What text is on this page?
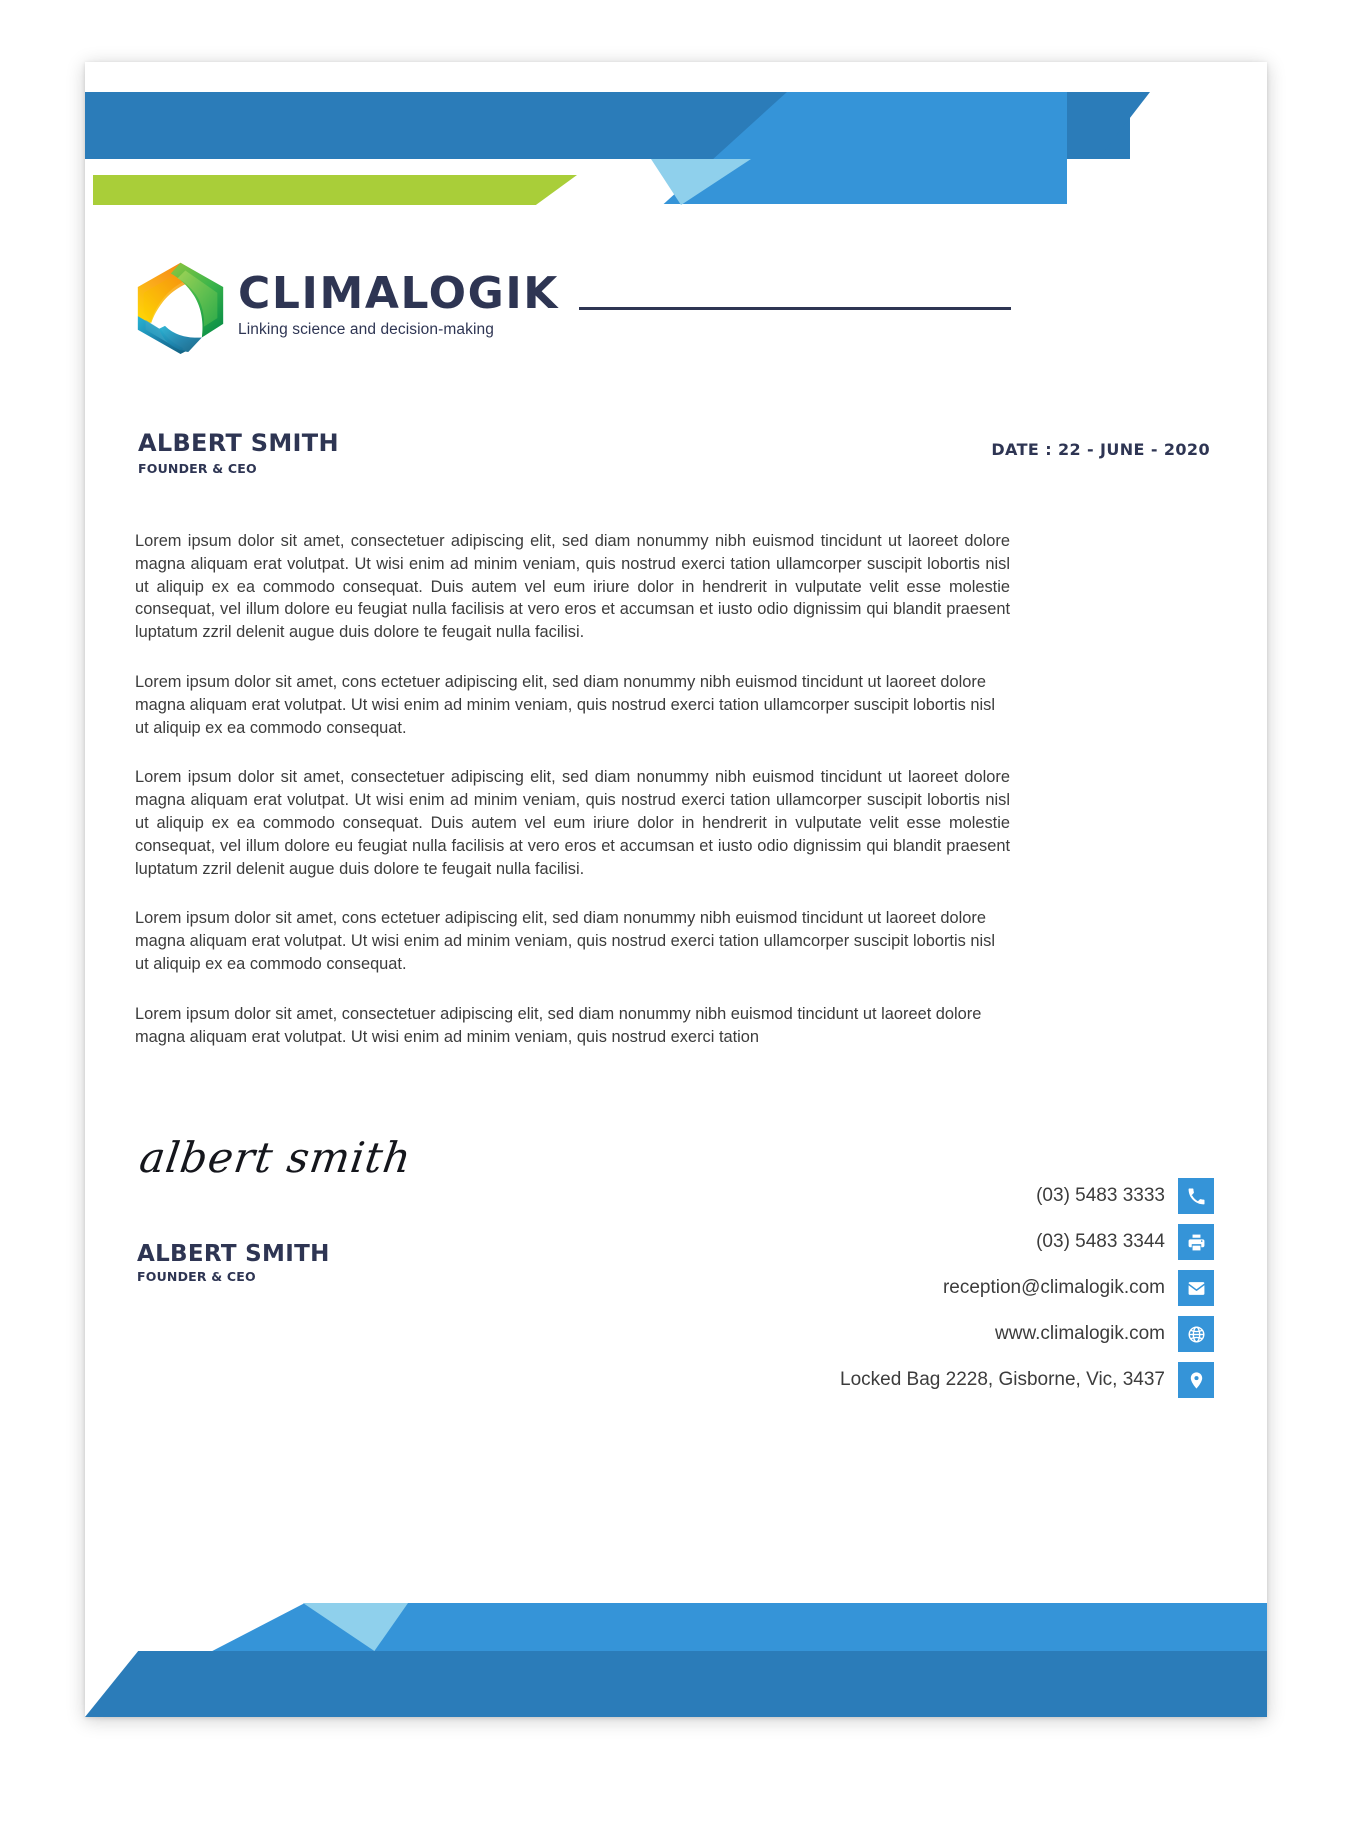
CLIMALOGIK
Linking science and decision-making
ALBERT SMITH
FOUNDER & CEO
DATE : 22 - JUNE - 2020

Lorem ipsum dolor sit amet, consectetuer adipiscing elit, sed diam nonummy nibh euismod tincidunt ut laoreet dolore magna aliquam erat volutpat. Ut wisi enim ad minim veniam, quis nostrud exerci tation ullamcorper suscipit lobortis nisl ut aliquip ex ea commodo consequat. Duis autem vel eum iriure dolor in hendrerit in vulputate velit esse molestie consequat, vel illum dolore eu feugiat nulla facilisis at vero eros et accumsan et iusto odio dignissim qui blandit praesent luptatum zzril delenit augue duis dolore te feugait nulla facilisi.

Lorem ipsum dolor sit amet, cons ectetuer adipiscing elit, sed diam nonummy nibh euismod tincidunt ut laoreet dolore magna aliquam erat volutpat. Ut wisi enim ad minim veniam, quis nostrud exerci tation ullamcorper suscipit lobortis nisl ut aliquip ex ea commodo consequat.

Lorem ipsum dolor sit amet, consectetuer adipiscing elit, sed diam nonummy nibh euismod tincidunt ut laoreet dolore magna aliquam erat volutpat. Ut wisi enim ad minim veniam, quis nostrud exerci tation ullamcorper suscipit lobortis nisl ut aliquip ex ea commodo consequat. Duis autem vel eum iriure dolor in hendrerit in vulputate velit esse molestie consequat, vel illum dolore eu feugiat nulla facilisis at vero eros et accumsan et iusto odio dignissim qui blandit praesent luptatum zzril delenit augue duis dolore te feugait nulla facilisi.

Lorem ipsum dolor sit amet, cons ectetuer adipiscing elit, sed diam nonummy nibh euismod tincidunt ut laoreet dolore magna aliquam erat volutpat. Ut wisi enim ad minim veniam, quis nostrud exerci tation ullamcorper suscipit lobortis nisl ut aliquip ex ea commodo consequat.

Lorem ipsum dolor sit amet, consectetuer adipiscing elit, sed diam nonummy nibh euismod tincidunt ut laoreet dolore magna aliquam erat volutpat. Ut wisi enim ad minim veniam, quis nostrud exerci tation

albert smith
ALBERT SMITH
FOUNDER & CEO
(03) 5483 3333
(03) 5483 3344
reception@climalogik.com
www.climalogik.com
Locked Bag 2228, Gisborne, Vic, 3437
